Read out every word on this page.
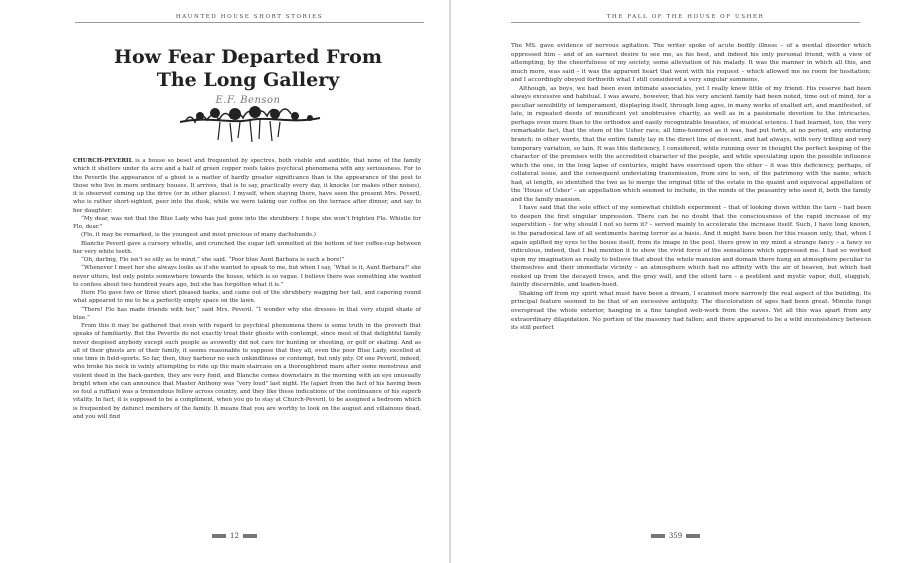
HAUNTED HOUSE SHORT STORIES
How Fear Departed From
The Long Gallery
E.F. Benson

CHURCH-PEVERIL is a house so beset and frequented by spectres, both visible and audible, that none of the family which it shelters under its acre and a half of green copper roofs takes psychical phenomena with any seriousness. For to the Peverils the appearance of a ghost is a matter of hardly greater significance than is the appearance of the post to those who live in more ordinary houses. It arrives, that is to say, practically every day, it knocks (or makes other noises), it is observed coming up the drive (or in other places). I myself, when staying there, have seen the present Mrs. Peveril, who is rather short-sighted, peer into the dusk, while we were taking our coffee on the terrace after dinner, and say to her daughter:

“My dear, was not that the Blue Lady who has just gone into the shrubbery. I hope she won’t frighten Flo. Whistle for Flo, dear.”

(Flo, it may be remarked, is the youngest and most precious of many dachshunds.)

Blanche Peveril gave a cursory whistle, and crunched the sugar left unmelted at the bottom of her coffee-cup between her very white teeth.

“Oh, darling, Flo isn’t so silly as to mind,” she said. “Poor blue Aunt Barbara is such a bore!”

“Whenever I meet her she always looks as if she wanted to speak to me, but when I say, ‘What is it, Aunt Barbara?’ she never utters, but only points somewhere towards the house, which is so vague. I believe there was something she wanted to confess about two hundred years ago, but she has forgotten what it is.”

Here Flo gave two or three short pleased barks, and came out of the shrubbery wagging her tail, and capering round what appeared to me to be a perfectly empty space on the lawn.

“There! Flo has made friends with her,” said Mrs. Peveril. “I wonder why she dresses in that very stupid shade of blue.”

From this it may be gathered that even with regard to psychical phenomena there is some truth in the proverb that speaks of familiarity. But the Peverils do not exactly treat their ghosts with contempt, since most of that delightful family never despised anybody except such people as avowedly did not care for hunting or shooting, or golf or skating. And as all of their ghosts are of their family, it seems reasonable to suppose that they all, even the poor Blue Lady, excelled at one time in field-sports. So far, then, they harbour no such unkindliness or contempt, but only pity. Of one Peveril, indeed, who broke his neck in vainly attempting to ride up the main staircase on a thoroughbred mare after some monstrous and violent deed in the back-garden, they are very fond, and Blanche comes downstairs in the morning with an eye unusually bright when she can announce that Master Anthony was “very loud” last night. He (apart from the fact of his having been so foul a ruffian) was a tremendous fellow across country, and they like these indications of the continuance of his superb vitality. In fact, it is supposed to be a compliment, when you go to stay at Church-Peveril, to be assigned a bedroom which is frequented by defunct members of the family. It means that you are worthy to look on the august and villainous dead, and you will find

12
THE FALL OF THE HOUSE OF USHER

The MS. gave evidence of nervous agitation. The writer spoke of acute bodily illness – of a mental disorder which oppressed him – and of an earnest desire to see me, as his best, and indeed his only personal friend, with a view of attempting, by the cheerfulness of my society, some alleviation of his malady. It was the manner in which all this, and much more, was said – it was the apparent heart that went with his request – which allowed me no room for hesitation; and I accordingly obeyed forthwith what I still considered a very singular summons.

Although, as boys, we had been even intimate associates, yet I really knew little of my friend. His reserve had been always excessive and habitual. I was aware, however, that his very ancient family had been noted, time out of mind, for a peculiar sensibility of temperament, displaying itself, through long ages, in many works of exalted art, and manifested, of late, in repeated deeds of munificent yet unobtrusive charity, as well as in a passionate devotion to the intricacies, perhaps even more than to the orthodox and easily recognizable beauties, of musical science. I had learned, too, the very remarkable fact, that the stem of the Usher race, all time-honored as it was, had put forth, at no period, any enduring branch; in other words, that the entire family lay in the direct line of descent, and had always, with very trifling and very temporary variation, so lain. It was this deficiency, I considered, while running over in thought the perfect keeping of the character of the premises with the accredited character of the people, and while speculating upon the possible influence which the one, in the long lapse of centuries, might have exercised upon the other – it was this deficiency, perhaps, of collateral issue, and the consequent undeviating transmission, from sire to son, of the patrimony with the name, which had, at length, so identified the two as to merge the original title of the estate in the quaint and equivocal appellation of the ‘House of Usher’ – an appellation which seemed to include, in the minds of the peasantry who used it, both the family and the family mansion.

I have said that the sole effect of my somewhat childish experiment – that of looking down within the tarn – had been to deepen the first singular impression. There can be no doubt that the consciousness of the rapid increase of my superstition – for why should I not so term it? – served mainly to accelerate the increase itself. Such, I have long known, is the paradoxical law of all sentiments having terror as a basis. And it might have been for this reason only, that, when I again uplifted my eyes to the house itself, from its image in the pool, there grew in my mind a strange fancy – a fancy so ridiculous, indeed, that I but mention it to show the vivid force of the sensations which oppressed me. I had so worked upon my imagination as really to believe that about the whole mansion and domain there hung an atmosphere peculiar to themselves and their immediate vicinity – an atmosphere which had no affinity with the air of heaven, but which had reeked up from the decayed trees, and the gray wall, and the silent tarn – a pestilent and mystic vapor, dull, sluggish, faintly discernible, and leaden-hued.

Shaking off from my spirit what must have been a dream, I scanned more narrowly the real aspect of the building. Its principal feature seemed to be that of an excessive antiquity. The discoloration of ages had been great. Minute fungi overspread the whole exterior, hanging in a fine tangled web-work from the eaves. Yet all this was apart from any extraordinary dilapidation. No portion of the masonry had fallen; and there appeared to be a wild inconsistency between its still perfect

359
